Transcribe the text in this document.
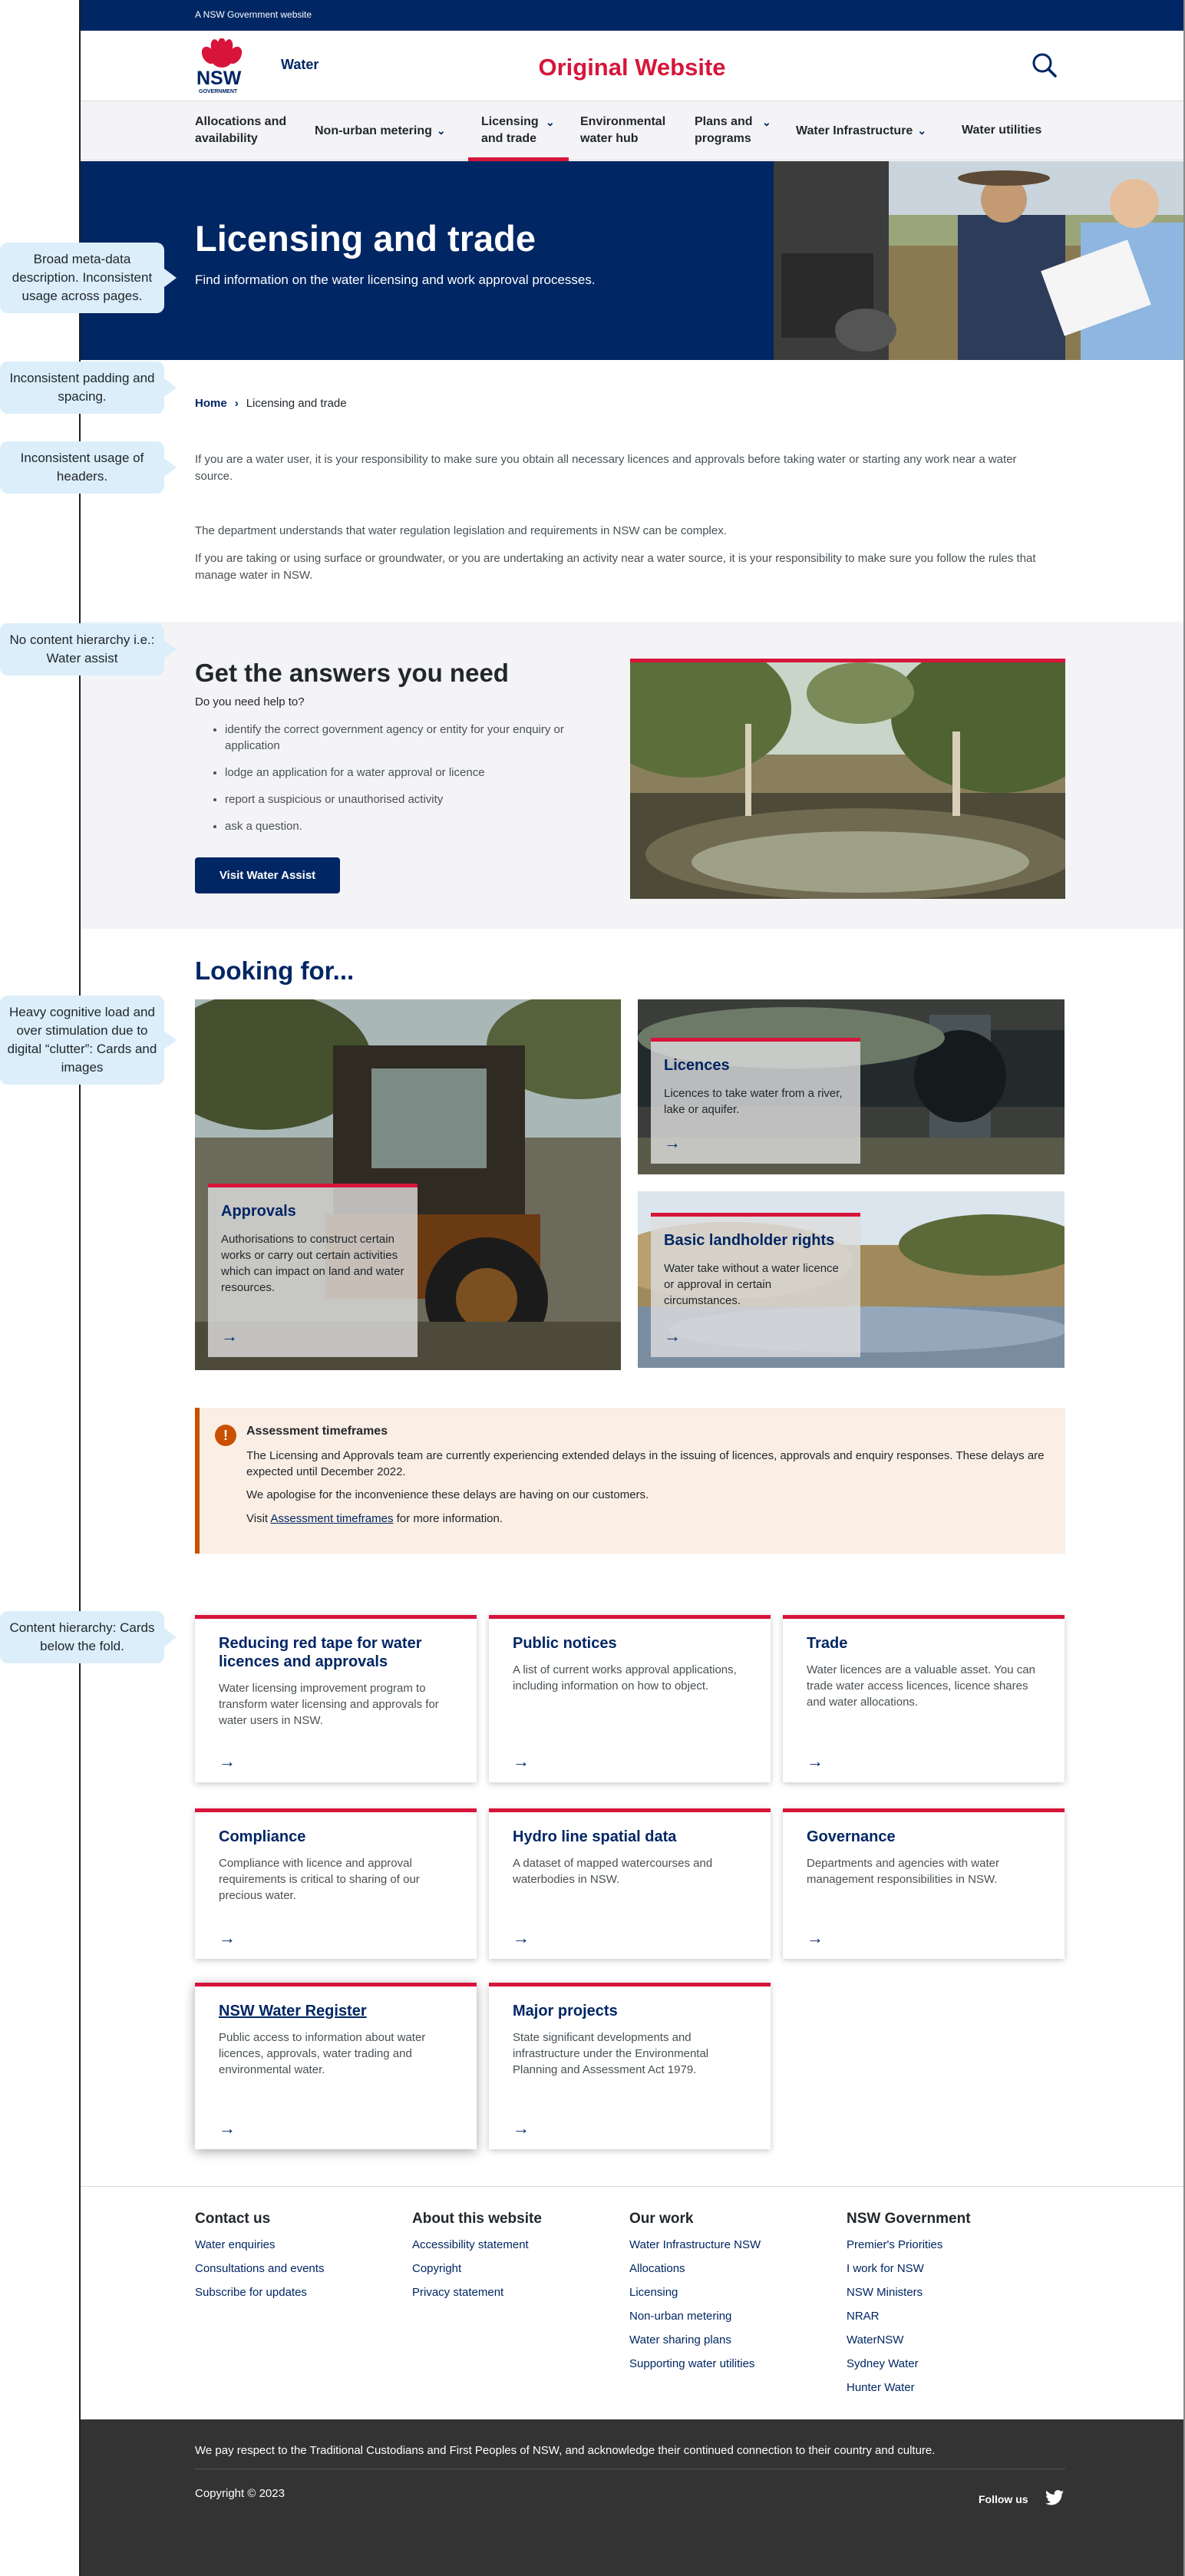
A NSW Government website
NSW
GOVERNMENT
Water	Original Website
Allocations and availability
Non-urban metering ⌄
Licensing and trade⌄	Environmental water hub
Plans and programs⌄
Water Infrastructure ⌄	Water utilities
Licensing and trade

Find information on the water licensing and work approval processes.

Home › Licensing and trade

If you are a water user, it is your responsibility to make sure you obtain all necessary licences and approvals before taking water or starting any work near a water source.

The department understands that water regulation legislation and requirements in NSW can be complex.

If you are taking or using surface or groundwater, or you are undertaking an activity near a water source, it is your responsibility to make sure you follow the rules that manage water in NSW.

Get the answers you need

Do you need help to?

• identify the correct government agency or entity for your enquiry or application
• lodge an application for a water approval or licence
• report a suspicious or unauthorised activity
• ask a question.
Visit Water Assist
Looking for...
Approvals

Authorisations to construct certain works or carry out certain activities which can impact on land and water resources.

→
Licences

Licences to take water from a river, lake or aquifer.

→
Basic landholder rights

Water take without a water licence or approval in certain circumstances.

→
!	Assessment timeframes

The Licensing and Approvals team are currently experiencing extended delays in the issuing of licences, approvals and enquiry responses. These delays are expected until December 2022.

We apologise for the inconvenience these delays are having on our customers.

Visit Assessment timeframes for more information.

Reducing red tape for water licences and approvals

Water licensing improvement program to transform water licensing and approvals for water users in NSW.

→
Public notices

A list of current works approval applications, including information on how to object.

→
Trade

Water licences are a valuable asset. You can trade water access licences, licence shares and water allocations.

→
Compliance

Compliance with licence and approval requirements is critical to sharing of our precious water.

→
Hydro line spatial data

A dataset of mapped watercourses and waterbodies in NSW.

→
Governance

Departments and agencies with water management responsibilities in NSW.

→
NSW Water Register

Public access to information about water licences, approvals, water trading and environmental water.

→
Major projects

State significant developments and infrastructure under the Environmental Planning and Assessment Act 1979.

→
Contact us
Water enquiries
Consultations and events
Subscribe for updates
About this website
Accessibility statement
Copyright
Privacy statement
Our work
Water Infrastructure NSW
Allocations
Licensing
Non-urban metering
Water sharing plans
Supporting water utilities
NSW Government
Premier's Priorities
I work for NSW
NSW Ministers
NRAR
WaterNSW
Sydney Water
Hunter Water

We pay respect to the Traditional Custodians and First Peoples of NSW, and acknowledge their continued connection to their country and culture.

Copyright © 2023	Follow us
Broad meta-data description. Inconsistent usage across pages.
Inconsistent padding and spacing.
Inconsistent usage of headers.
No content hierarchy i.e.: Water assist
Heavy cognitive load and over stimulation due to digital “clutter”: Cards and images
Content hierarchy: Cards below the fold.
